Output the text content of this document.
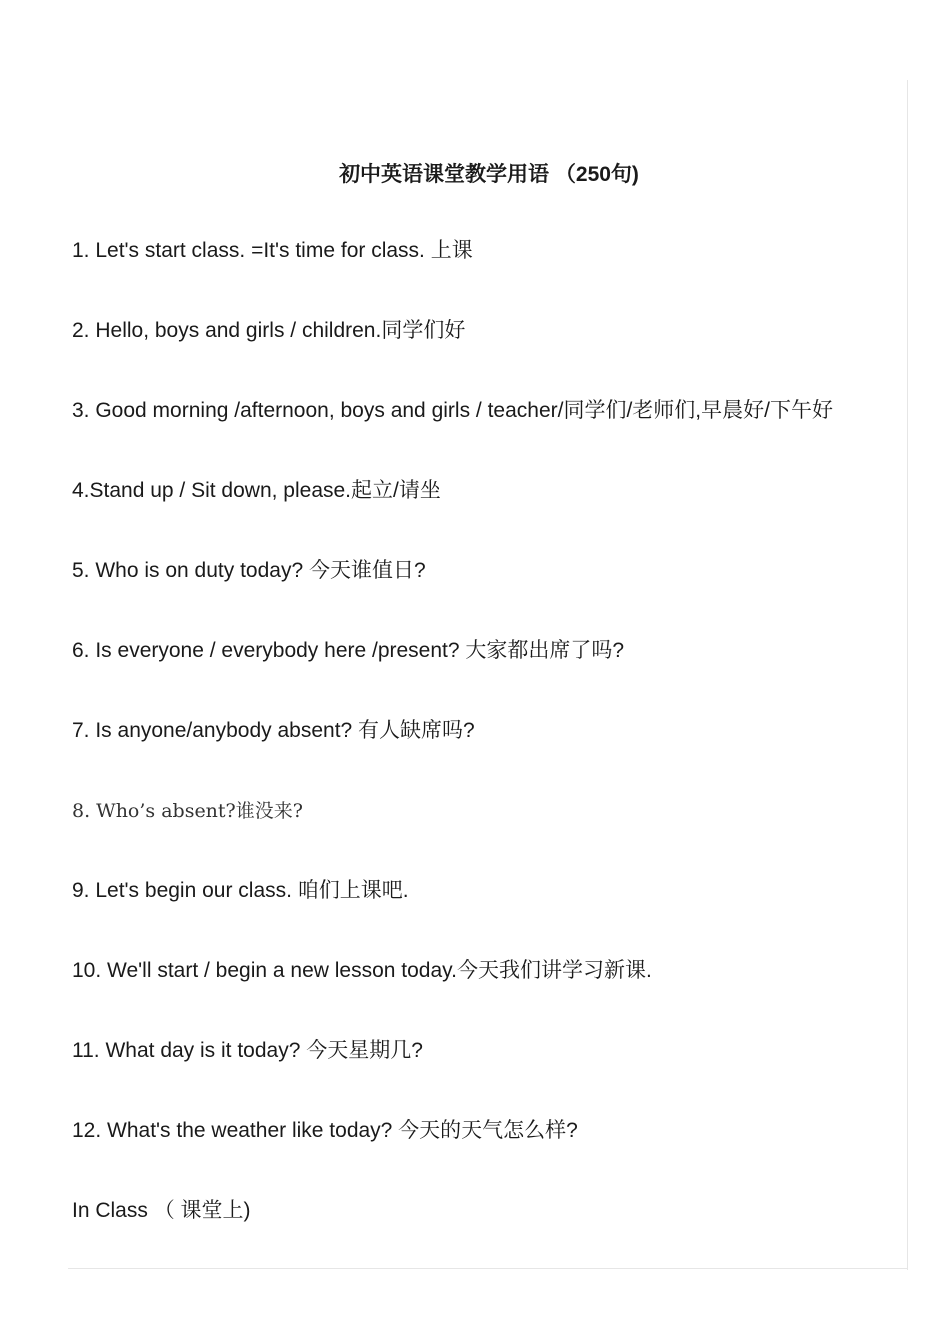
初中英语课堂教学用语 （250句)
1. Let's start class. =It's time for class. 上课
2. Hello, boys and girls / children.同学们好
3. Good morning /afternoon, boys and girls / teacher/同学们/老师们,早晨好/下午好
4.Stand up / Sit down, please.起立/请坐
5. Who is on duty today? 今天谁值日?
6. Is everyone / everybody here /present? 大家都出席了吗?
7. Is anyone/anybody absent? 有人缺席吗?
8. Who’s absent?谁没来?
9. Let's begin our class. 咱们上课吧.
10. We'll start / begin a new lesson today.今天我们讲学习新课.
11. What day is it today? 今天星期几?
12. What's the weather like today? 今天的天气怎么样?
In Class （ 课堂上)
